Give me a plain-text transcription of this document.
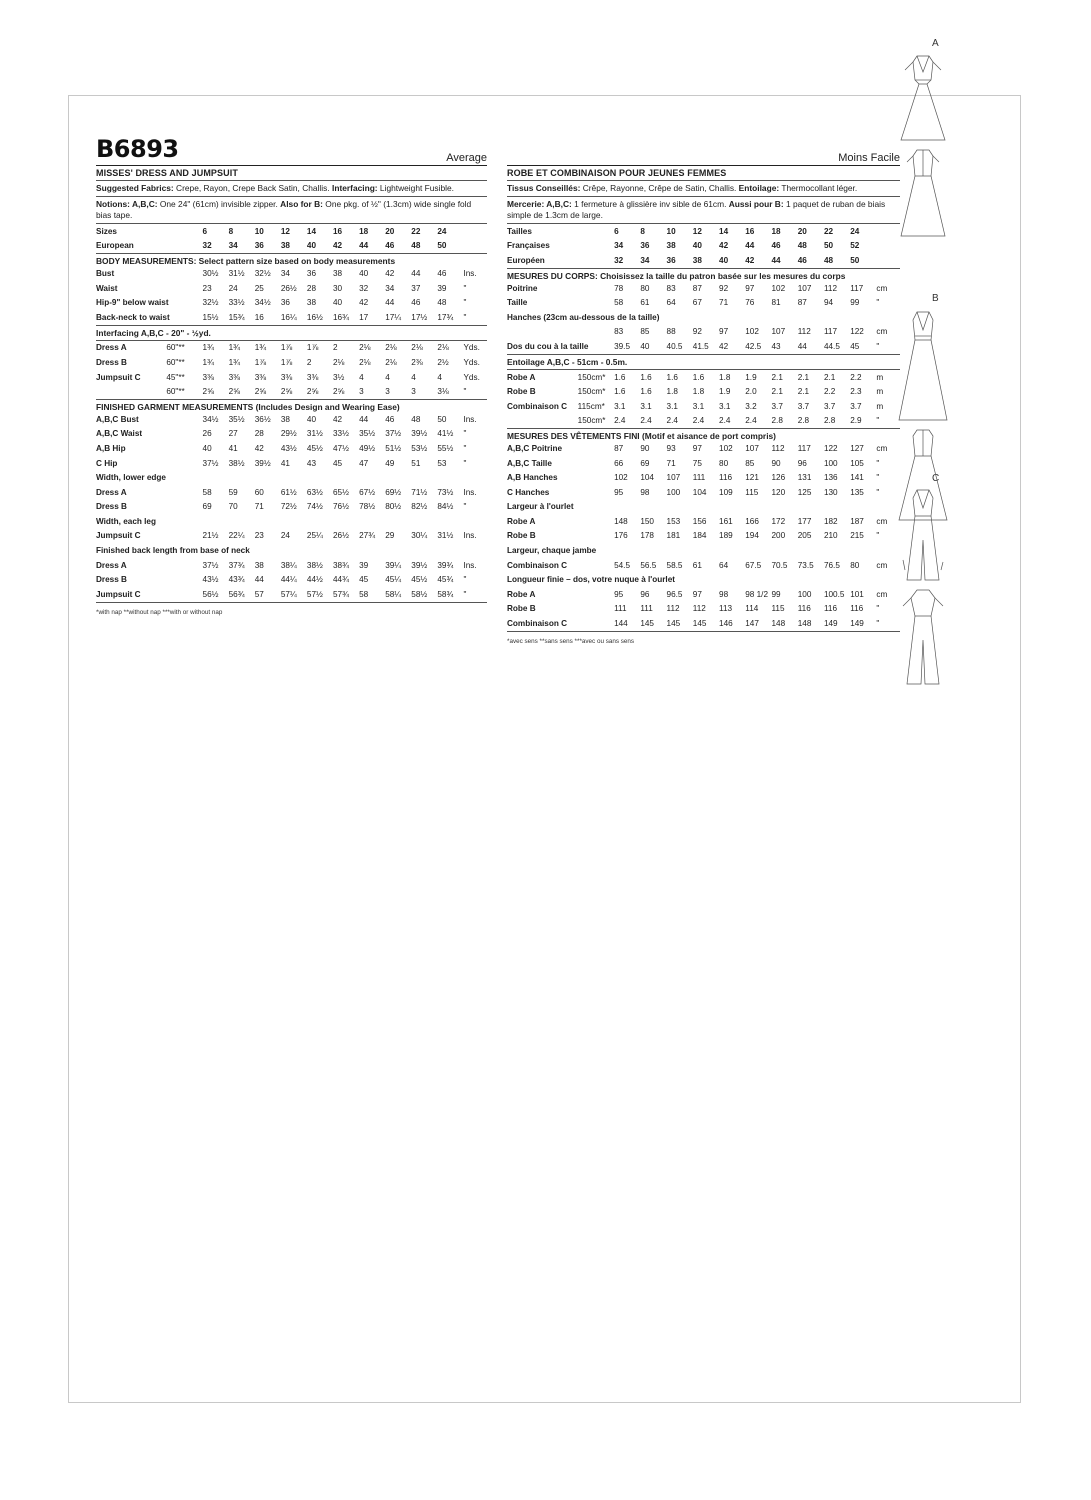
B6893	Average
MISSES' DRESS AND JUMPSUIT
Suggested Fabrics: Crepe, Rayon, Crepe Back Satin, Challis. Interfacing: Lightweight Fusible.
Notions: A,B,C: One 24" (61cm) invisible zipper. Also for B: One pkg. of ½" (1.3cm) wide single fold bias tape.
Sizes	6	8	10	12	14	16	18	20	22	24	
European	32	34	36	38	40	42	44	46	48	50	
BODY MEASUREMENTS: Select pattern size based on body measurements
Bust	30½	31½	32½	34	36	38	40	42	44	46	Ins.
Waist	23	24	25	26½	28	30	32	34	37	39	"
Hip-9" below waist	32½	33½	34½	36	38	40	42	44	46	48	"
Back-neck to waist	15½	15¾	16	16¼	16½	16¾	17	17¼	17½	17¾	"
Interfacing A,B,C - 20" - ½yd.
Dress A	60"**	1¾	1¾	1¾	1⅞	1⅞	2	2⅛	2⅛	2⅛	2⅛	Yds.
Dress B	60"**	1¾	1¾	1⅞	1⅞	2	2⅛	2⅛	2⅛	2⅜	2½	Yds.
Jumpsuit C	45"**	3⅜	3⅜	3⅜	3⅜	3⅜	3½	4	4	4	4	Yds.
	60"**	2⅝	2⅝	2⅝	2⅝	2⅝	2⅝	3	3	3	3⅛	"
FINISHED GARMENT MEASUREMENTS (Includes Design and Wearing Ease)
A,B,C Bust	34½	35½	36½	38	40	42	44	46	48	50	Ins.
A,B,C Waist	26	27	28	29½	31½	33½	35½	37½	39½	41½	"
A,B Hip	40	41	42	43½	45½	47½	49½	51½	53½	55½	"
C Hip	37½	38½	39½	41	43	45	47	49	51	53	"
Width, lower edge											
Dress A	58	59	60	61½	63½	65½	67½	69½	71½	73½	Ins.
Dress B	69	70	71	72½	74½	76½	78½	80½	82½	84½	"
Width, each leg											
Jumpsuit C	21½	22¼	23	24	25¼	26½	27¾	29	30¼	31½	Ins.
Finished back length from base of neck											
Dress A	37½	37¾	38	38¼	38½	38¾	39	39¼	39½	39¾	Ins.
Dress B	43½	43¾	44	44¼	44½	44¾	45	45¼	45½	45¾	"
Jumpsuit C	56½	56¾	57	57¼	57½	57¾	58	58¼	58½	58¾	"
*with nap **without nap ***with or without nap
Moins Facile
ROBE ET COMBINAISON POUR JEUNES FEMMES
Tissus Conseillés: Crêpe, Rayonne, Crêpe de Satin, Challis. Entoilage: Thermocollant léger.
Mercerie: A,B,C: 1 fermeture à glissière inv sible de 61cm. Aussi pour B: 1 paquet de ruban de biais simple de 1.3cm de large.
Tailles	6	8	10	12	14	16	18	20	22	24	
Françaises	34	36	38	40	42	44	46	48	50	52	
Européen	32	34	36	38	40	42	44	46	48	50	
MESURES DU CORPS: Choisissez la taille du patron basée sur les mesures du corps
Poitrine	78	80	83	87	92	97	102	107	112	117	cm
Taille	58	61	64	67	71	76	81	87	94	99	"
Hanches (23cm au-dessous de la taille)											
	83	85	88	92	97	102	107	112	117	122	cm
Dos du cou à la taille	39.5	40	40.5	41.5	42	42.5	43	44	44.5	45	"
Entoilage A,B,C - 51cm - 0.5m.
Robe A	150cm*	1.6	1.6	1.6	1.6	1.8	1.9	2.1	2.1	2.1	2.2	m
Robe B	150cm*	1.6	1.6	1.8	1.8	1.9	2.0	2.1	2.1	2.2	2.3	m
Combinaison C	115cm*	3.1	3.1	3.1	3.1	3.1	3.2	3.7	3.7	3.7	3.7	m
	150cm*	2.4	2.4	2.4	2.4	2.4	2.4	2.8	2.8	2.8	2.9	"
MESURES DES VÊTEMENTS FINI (Motif et aisance de port compris)
A,B,C Poitrine	87	90	93	97	102	107	112	117	122	127	cm
A,B,C Taille	66	69	71	75	80	85	90	96	100	105	"
A,B Hanches	102	104	107	111	116	121	126	131	136	141	"
C Hanches	95	98	100	104	109	115	120	125	130	135	"
Largeur à l'ourlet											
Robe A	148	150	153	156	161	166	172	177	182	187	cm
Robe B	176	178	181	184	189	194	200	205	210	215	"
Largeur, chaque jambe											
Combinaison C	54.5	56.5	58.5	61	64	67.5	70.5	73.5	76.5	80	cm
Longueur finie – dos, votre nuque à l'ourlet											
Robe A	95	96	96.5	97	98	98 1/2	99	100	100.5	101	cm
Robe B	111	111	112	112	113	114	115	116	116	116	"
Combinaison C	144	145	145	145	146	147	148	148	149	149	"
*avec sens **sans sens ***avec ou sans sens
A
B
C
